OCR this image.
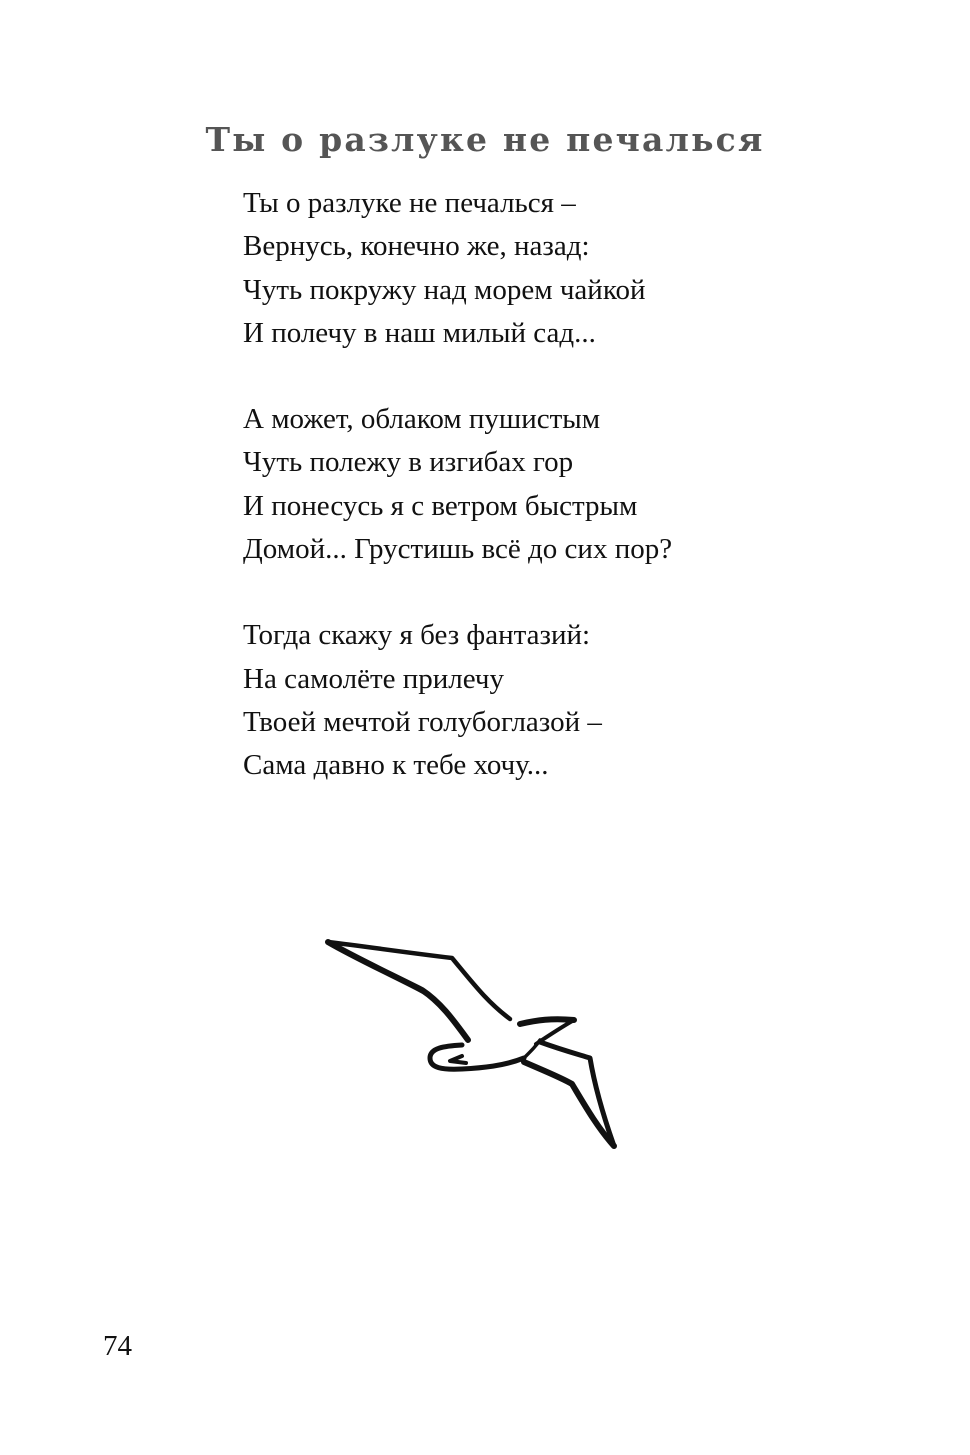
Ты о разлуке не печалься
Ты о разлуке не печалься –
Вернусь, конечно же, назад:
Чуть покружу над морем чайкой
И полечу в наш милый сад...
А может, облаком пушистым
Чуть полежу в изгибах гор
И понесусь я с ветром быстрым
Домой... Грустишь всё до сих пор?
Тогда скажу я без фантазий:
На самолёте прилечу
Твоей мечтой голубоглазой –
Сама давно к тебе хочу...
74
